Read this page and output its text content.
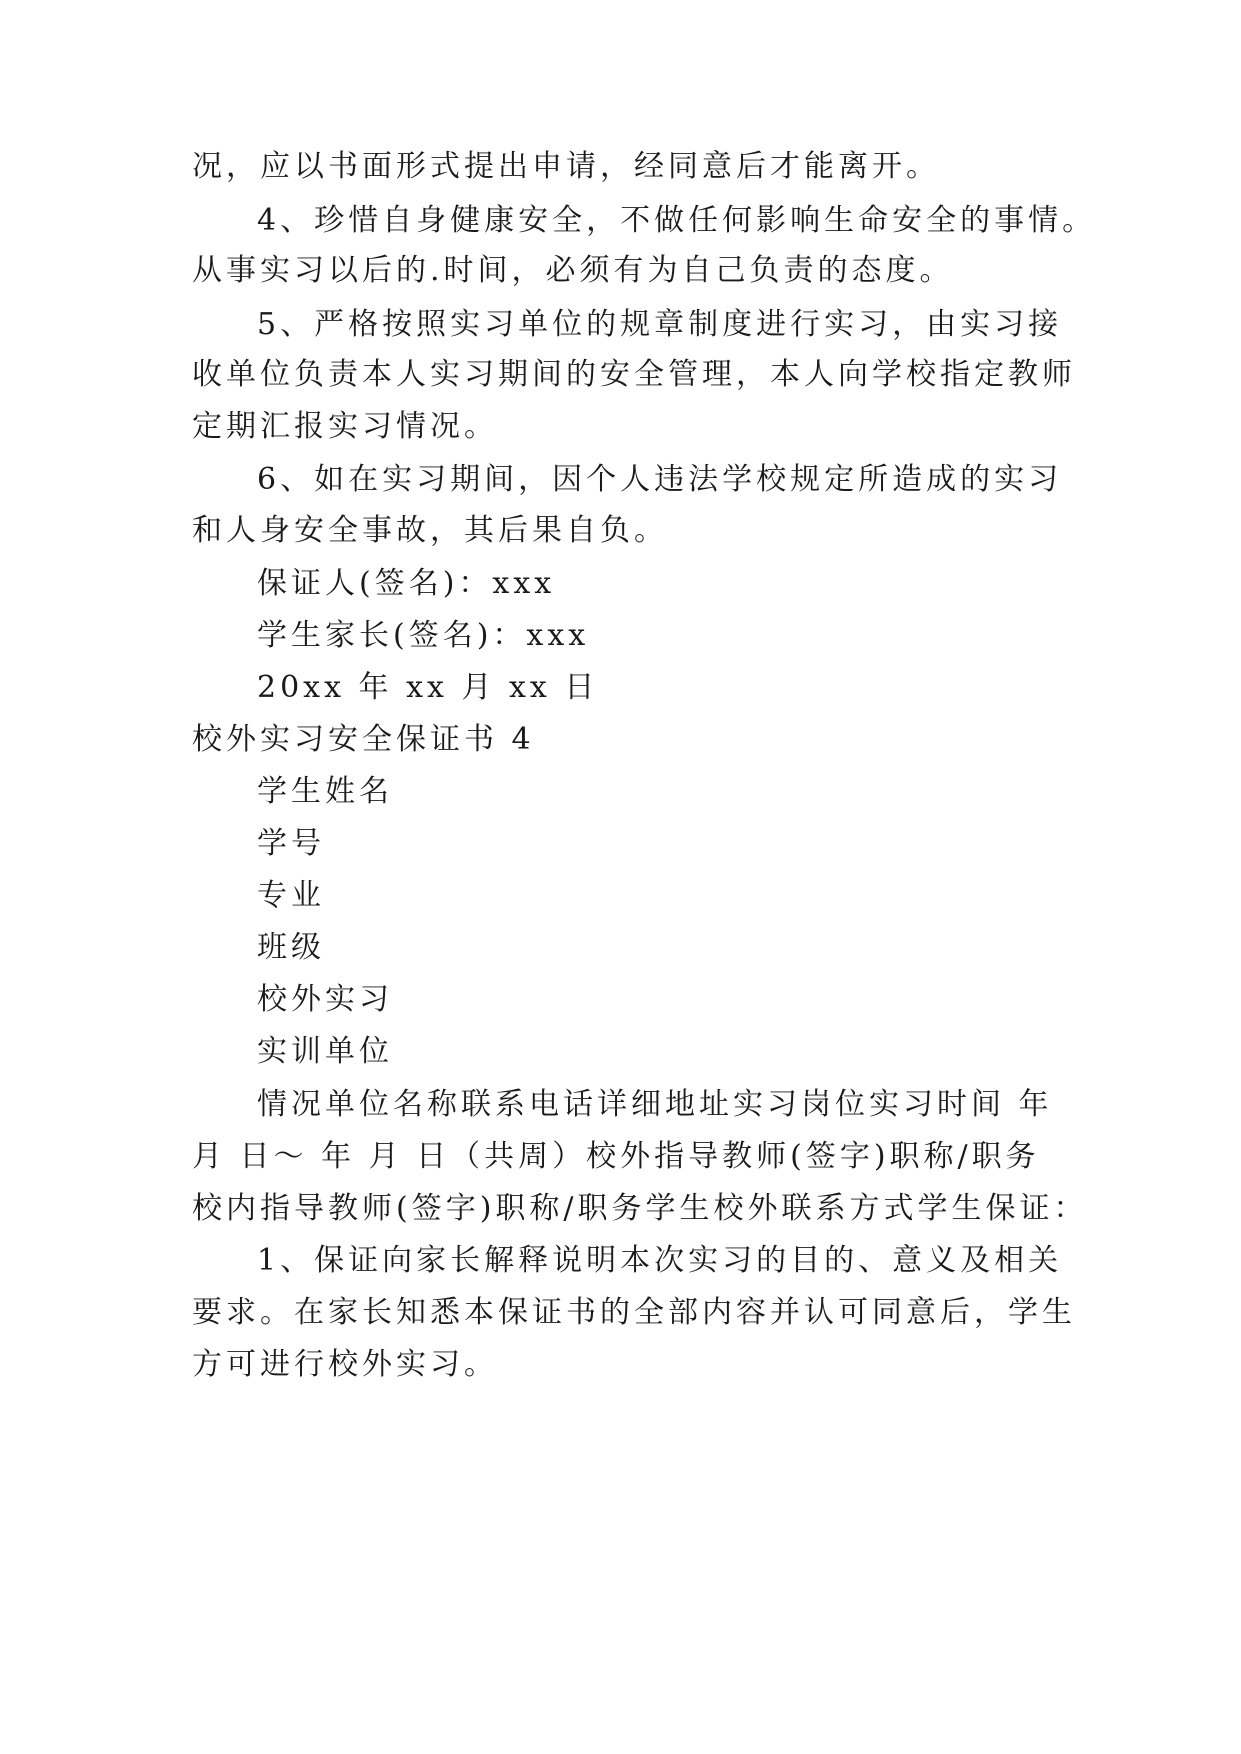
况，应以书面形式提出申请，经同意后才能离开。
4、珍惜自身健康安全，不做任何影响生命安全的事情。
从事实习以后的.时间，必须有为自己负责的态度。
5、严格按照实习单位的规章制度进行实习，由实习接
收单位负责本人实习期间的安全管理，本人向学校指定教师
定期汇报实习情况。
6、如在实习期间，因个人违法学校规定所造成的实习
和人身安全事故，其后果自负。
保证人(签名)：xxx
学生家长(签名)：xxx
20xx 年 xx 月 xx 日
校外实习安全保证书 4
学生姓名
学号
专业
班级
校外实习
实训单位
情况单位名称联系电话详细地址实习岗位实习时间 年
月 日～ 年 月 日（共周）校外指导教师(签字)职称/职务
校内指导教师(签字)职称/职务学生校外联系方式学生保证：
1、保证向家长解释说明本次实习的目的、意义及相关
要求。在家长知悉本保证书的全部内容并认可同意后，学生
方可进行校外实习。
